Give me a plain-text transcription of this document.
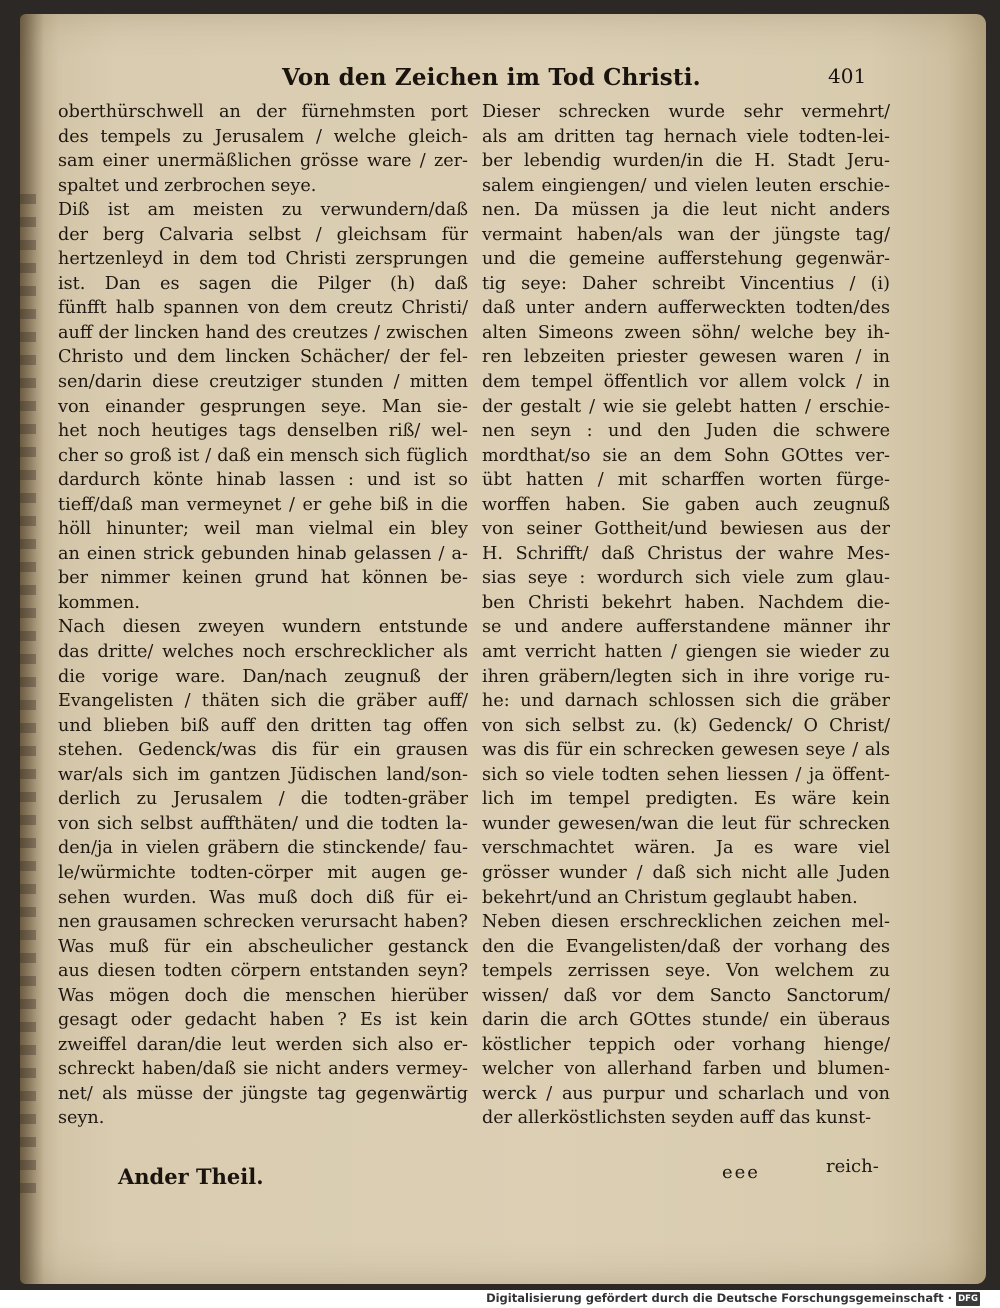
Von den Zeichen im Tod Christi.	401
oberthürschwell an der fürnehmsten port
des tempels zu Jerusalem / welche gleich-
sam einer unermäßlichen grösse ware / zer-
spaltet und zerbrochen seye.
Diß ist am meisten zu verwundern/daß
der berg Calvaria selbst / gleichsam für
hertzenleyd in dem tod Christi zersprungen
ist. Dan es sagen die Pilger (h) daß
fünfft halb spannen von dem creutz Christi/
auff der lincken hand des creutzes / zwischen
Christo und dem lincken Schächer/ der fel-
sen/darin diese creutziger stunden / mitten
von einander gesprungen seye. Man sie-
het noch heutiges tags denselben riß/ wel-
cher so groß ist / daß ein mensch sich füglich
dardurch könte hinab lassen : und ist so
tieff/daß man vermeynet / er gehe biß in die
höll hinunter; weil man vielmal ein bley
an einen strick gebunden hinab gelassen / a-
ber nimmer keinen grund hat können be-
kommen.
Nach diesen zweyen wundern entstunde
das dritte/ welches noch erschrecklicher als
die vorige ware. Dan/nach zeugnuß der
Evangelisten / thäten sich die gräber auff/
und blieben biß auff den dritten tag offen
stehen. Gedenck/was dis für ein grausen
war/als sich im gantzen Jüdischen land/son-
derlich zu Jerusalem / die todten-gräber
von sich selbst auffthäten/ und die todten la-
den/ja in vielen gräbern die stinckende/ fau-
le/würmichte todten-cörper mit augen ge-
sehen wurden. Was muß doch diß für ei-
nen grausamen schrecken verursacht haben?
Was muß für ein abscheulicher gestanck
aus diesen todten cörpern entstanden seyn?
Was mögen doch die menschen hierüber
gesagt oder gedacht haben ? Es ist kein
zweiffel daran/die leut werden sich also er-
schreckt haben/daß sie nicht anders vermey-
net/ als müsse der jüngste tag gegenwärtig
seyn.
Dieser schrecken wurde sehr vermehrt/
als am dritten tag hernach viele todten-lei-
ber lebendig wurden/in die H. Stadt Jeru-
salem eingiengen/ und vielen leuten erschie-
nen. Da müssen ja die leut nicht anders
vermaint haben/als wan der jüngste tag/
und die gemeine aufferstehung gegenwär-
tig seye: Daher schreibt Vincentius / (i)
daß unter andern aufferweckten todten/des
alten Simeons zween söhn/ welche bey ih-
ren lebzeiten priester gewesen waren / in
dem tempel öffentlich vor allem volck / in
der gestalt / wie sie gelebt hatten / erschie-
nen seyn : und den Juden die schwere
mordthat/so sie an dem Sohn GOttes ver-
übt hatten / mit scharffen worten fürge-
worffen haben. Sie gaben auch zeugnuß
von seiner Gottheit/und bewiesen aus der
H. Schrifft/ daß Christus der wahre Mes-
sias seye : wordurch sich viele zum glau-
ben Christi bekehrt haben. Nachdem die-
se und andere aufferstandene männer ihr
amt verricht hatten / giengen sie wieder zu
ihren gräbern/legten sich in ihre vorige ru-
he: und darnach schlossen sich die gräber
von sich selbst zu. (k) Gedenck/ O Christ/
was dis für ein schrecken gewesen seye / als
sich so viele todten sehen liessen / ja öffent-
lich im tempel predigten. Es wäre kein
wunder gewesen/wan die leut für schrecken
verschmachtet wären. Ja es ware viel
grösser wunder / daß sich nicht alle Juden
bekehrt/und an Christum geglaubt haben.
Neben diesen erschrecklichen zeichen mel-
den die Evangelisten/daß der vorhang des
tempels zerrissen seye. Von welchem zu
wissen/ daß vor dem Sancto Sanctorum/
darin die arch GOttes stunde/ ein überaus
köstlicher teppich oder vorhang hienge/
welcher von allerhand farben und blumen-
werck / aus purpur und scharlach und von
der allerköstlichsten seyden auff das kunst-
Ander Theil.	eee	reich-
Digitalisierung gefördert durch die Deutsche Forschungsgemeinschaft · DFG
